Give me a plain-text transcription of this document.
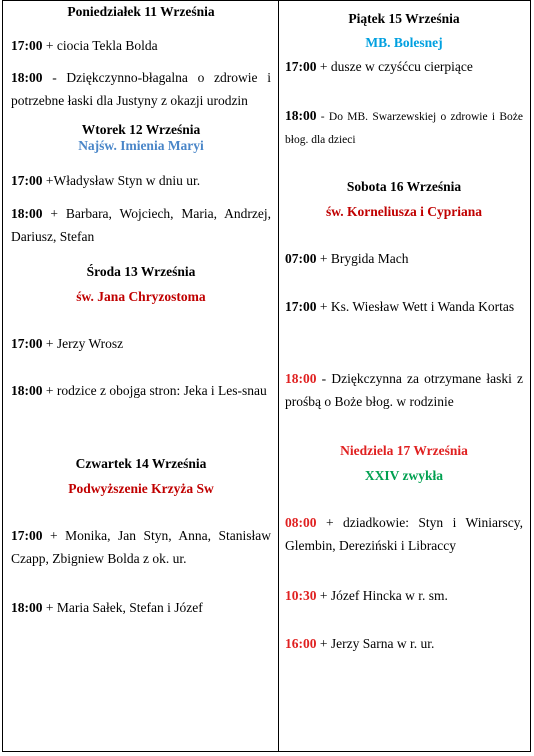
Poniedziałek 11 Września
17:00 + ciocia Tekla Bolda
18:00 - Dziękczynno-błagalna o zdrowie i potrzebne łaski dla Justyny z okazji urodzin
Wtorek 12 Września
Najśw. Imienia Maryi
17:00 +Władysław Styn w dniu ur.
18:00 + Barbara, Wojciech, Maria, Andrzej, Dariusz, Stefan
Środa 13 Września
św. Jana Chryzostoma
17:00 + Jerzy Wrosz
18:00 + rodzice z obojga stron: Jeka i Les-snau
Czwartek 14 Września
Podwyższenie Krzyża Sw
17:00 + Monika, Jan Styn, Anna, Stanisław Czapp, Zbigniew Bolda z ok. ur.
18:00 + Maria Sałek, Stefan i Józef
Piątek 15 Września
MB. Bolesnej
17:00 + dusze w czyśćcu cierpiące
18:00 - Do MB. Swarzewskiej o zdrowie i Boże błog. dla dzieci
Sobota 16 Września
św. Korneliusza i Cypriana
07:00 + Brygida Mach
17:00 + Ks. Wiesław Wett i Wanda Kortas
18:00 - Dziękczynna za otrzymane łaski z prośbą o Boże błog. w rodzinie
Niedziela 17 Września
XXIV zwykła
08:00 + dziadkowie: Styn i Winiarscy, Glembin, Dereziński i Libraccy
10:30 + Józef Hincka w r. sm.
16:00 + Jerzy Sarna w r. ur.
